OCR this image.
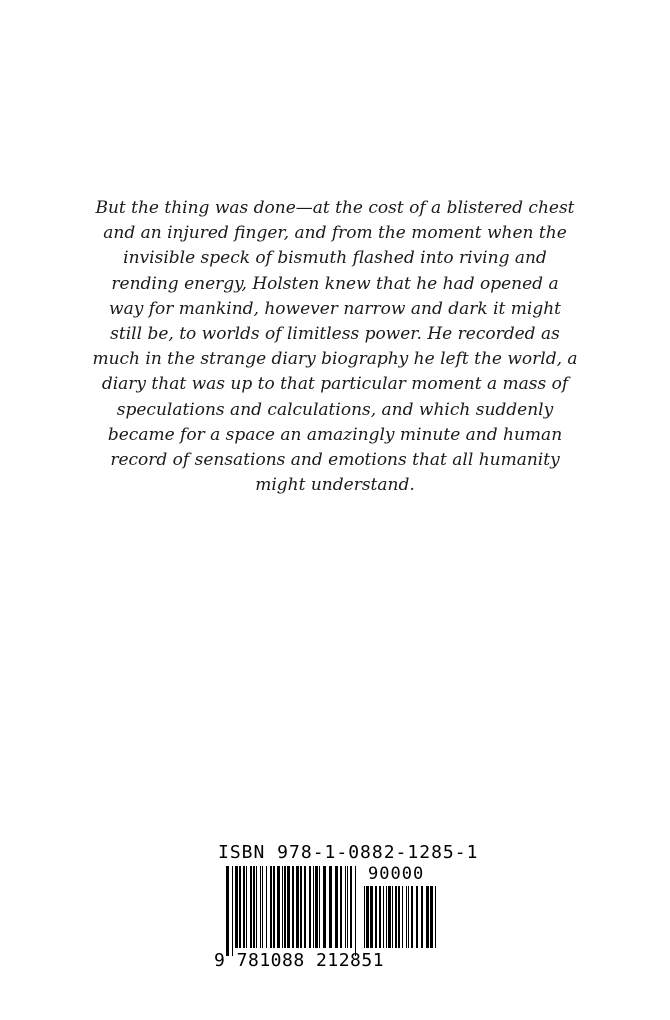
But the thing was done—at the cost of a blistered chest
and an injured finger, and from the moment when the
invisible speck of bismuth flashed into riving and
rending energy, Holsten knew that he had opened a
way for mankind, however narrow and dark it might
still be, to worlds of limitless power. He recorded as
much in the strange diary biography he left the world, a
diary that was up to that particular moment a mass of
speculations and calculations, and which suddenly
became for a space an amazingly minute and human
record of sensations and emotions that all humanity
might understand.
ISBN 978-1-0882-1285-1
90000
9 781088 212851
